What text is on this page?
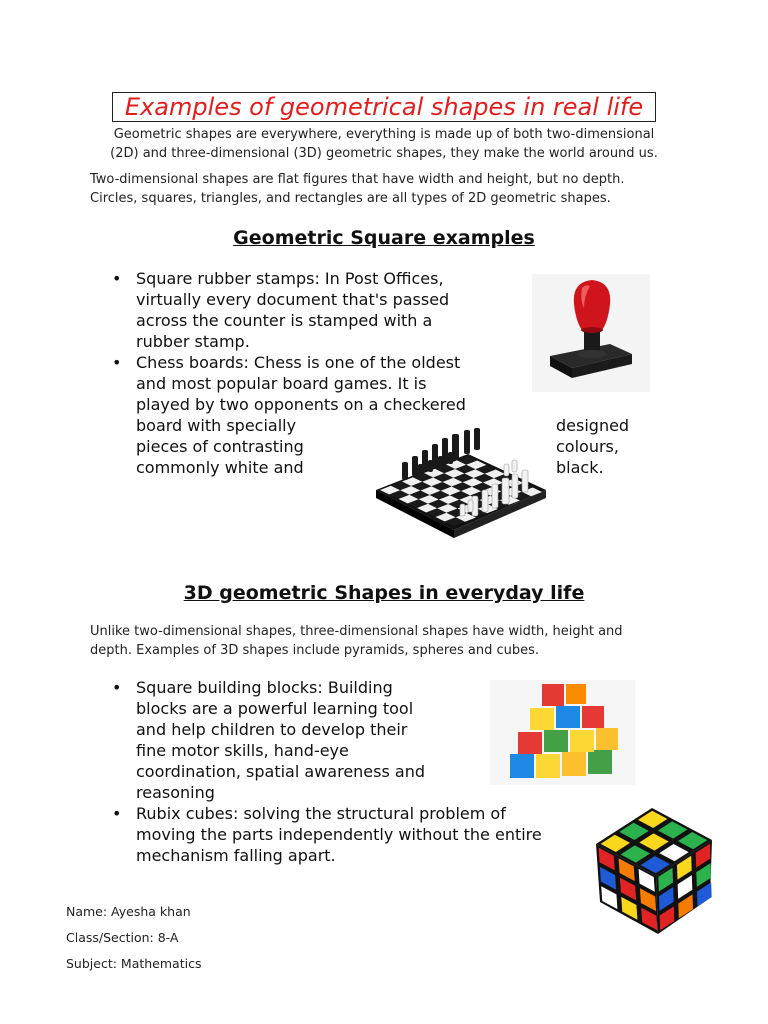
Examples of geometrical shapes in real life
Geometric shapes are everywhere, everything is made up of both two-dimensional
(2D) and three-dimensional (3D) geometric shapes, they make the world around us.
Two-dimensional shapes are flat figures that have width and height, but no depth.
Circles, squares, triangles, and rectangles are all types of 2D geometric shapes.
Geometric Square examples
• Square rubber stamps: In Post Offices,
virtually every document that's passed
across the counter is stamped with a
rubber stamp.
• Chess boards: Chess is one of the oldest
and most popular board games. It is
played by two opponents on a checkered
board with specially
pieces of contrasting
commonly white and
designed
colours,
black.
3D geometric Shapes in everyday life
Unlike two-dimensional shapes, three-dimensional shapes have width, height and
depth. Examples of 3D shapes include pyramids, spheres and cubes.
• Square building blocks: Building
blocks are a powerful learning tool
and help children to develop their
fine motor skills, hand-eye
coordination, spatial awareness and
reasoning
• Rubix cubes: solving the structural problem of
moving the parts independently without the entire
mechanism falling apart.
Name: Ayesha khan
Class/Section: 8-A
Subject: Mathematics
